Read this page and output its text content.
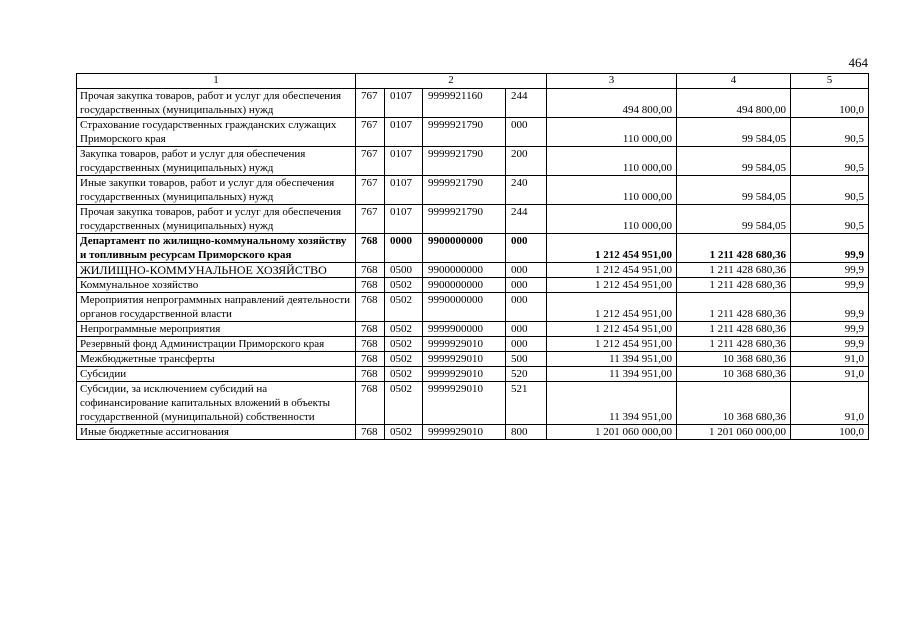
464
1	2				3	4	5
Прочая закупка товаров, работ и услуг для обеспечения государственных (муниципальных) нужд	767	0107	9999921160	244	494 800,00	494 800,00	100,0
Страхование государственных гражданских служащих Приморского края	767	0107	9999921790	000	110 000,00	99 584,05	90,5
Закупка товаров, работ и услуг для обеспечения государственных (муниципальных) нужд	767	0107	9999921790	200	110 000,00	99 584,05	90,5
Иные закупки товаров, работ и услуг для обеспечения государственных (муниципальных) нужд	767	0107	9999921790	240	110 000,00	99 584,05	90,5
Прочая закупка товаров, работ и услуг для обеспечения государственных (муниципальных) нужд	767	0107	9999921790	244	110 000,00	99 584,05	90,5
Департамент по жилищно-коммунальному хозяйству и топливным ресурсам Приморского края	768	0000	9900000000	000	1 212 454 951,00	1 211 428 680,36	99,9
ЖИЛИЩНО-КОММУНАЛЬНОЕ ХОЗЯЙСТВО	768	0500	9900000000	000	1 212 454 951,00	1 211 428 680,36	99,9
Коммунальное хозяйство	768	0502	9900000000	000	1 212 454 951,00	1 211 428 680,36	99,9
Мероприятия непрограммных направлений деятельности органов государственной власти	768	0502	9990000000	000	1 212 454 951,00	1 211 428 680,36	99,9
Непрограммные мероприятия	768	0502	9999900000	000	1 212 454 951,00	1 211 428 680,36	99,9
Резервный фонд Администрации Приморского края	768	0502	9999929010	000	1 212 454 951,00	1 211 428 680,36	99,9
Межбюджетные трансферты	768	0502	9999929010	500	11 394 951,00	10 368 680,36	91,0
Субсидии	768	0502	9999929010	520	11 394 951,00	10 368 680,36	91,0
Субсидии, за исключением субсидий на софинансирование капитальных вложений в объекты государственной (муниципальной) собственности	768	0502	9999929010	521	11 394 951,00	10 368 680,36	91,0
Иные бюджетные ассигнования	768	0502	9999929010	800	1 201 060 000,00	1 201 060 000,00	100,0
